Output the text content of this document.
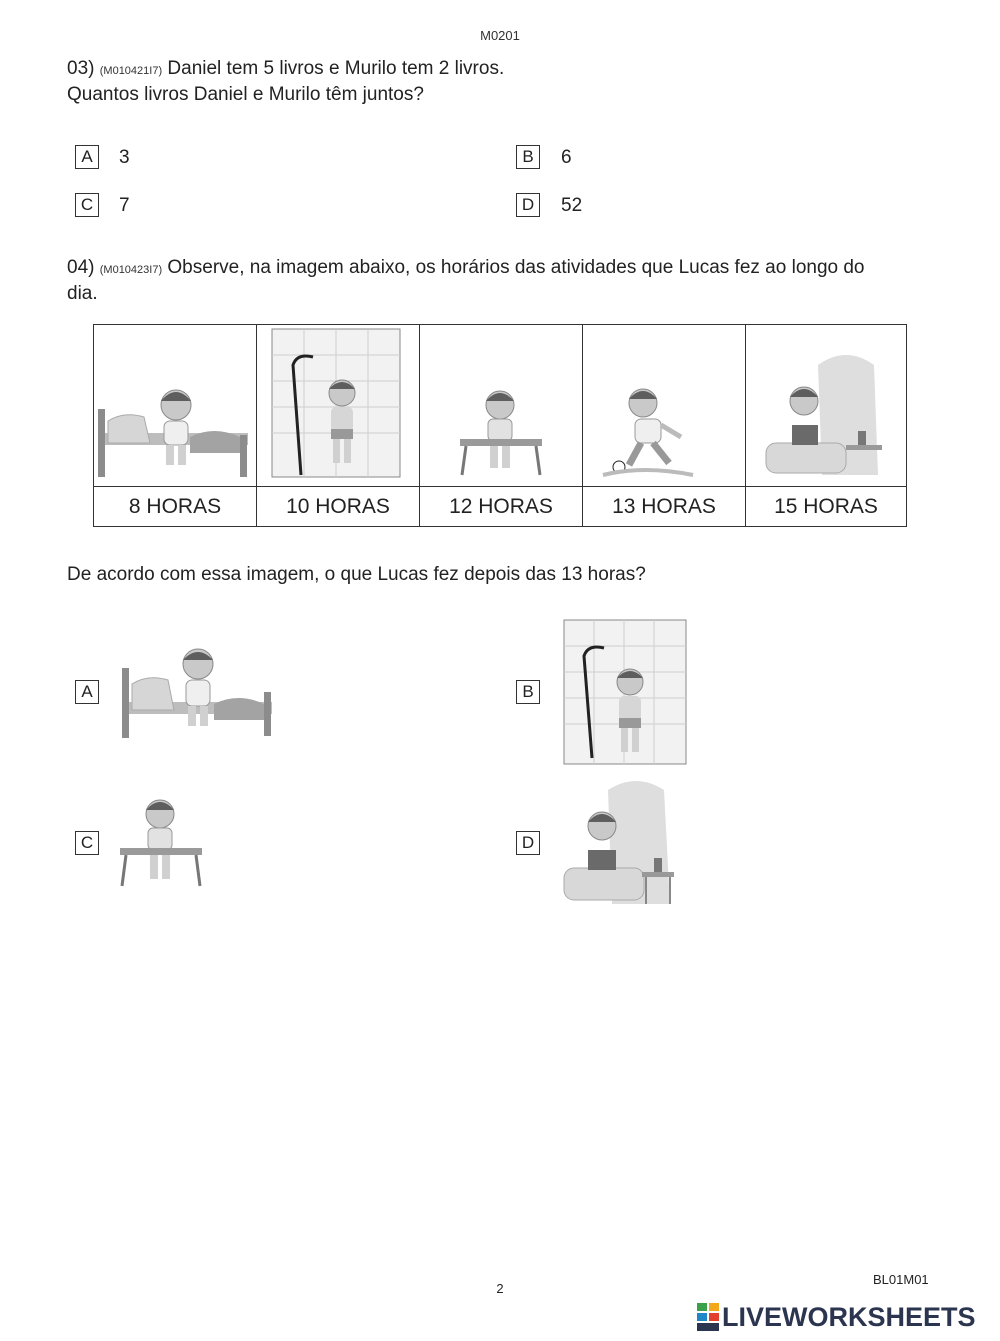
M0201
03) (M010421I7) Daniel tem 5 livros e Murilo tem 2 livros.
Quantos livros Daniel e Murilo têm juntos?
A	3	B	6
C	7	D	52
04) (M010423I7) Observe, na imagem abaixo, os horários das atividades que Lucas fez ao longo do
dia.
8 HORAS	10 HORAS	12 HORAS	13 HORAS	15 HORAS
De acordo com essa imagem, o que Lucas fez depois das 13 horas?
A	B
C	D
2
BL01M01
LIVEWORKSHEETS
